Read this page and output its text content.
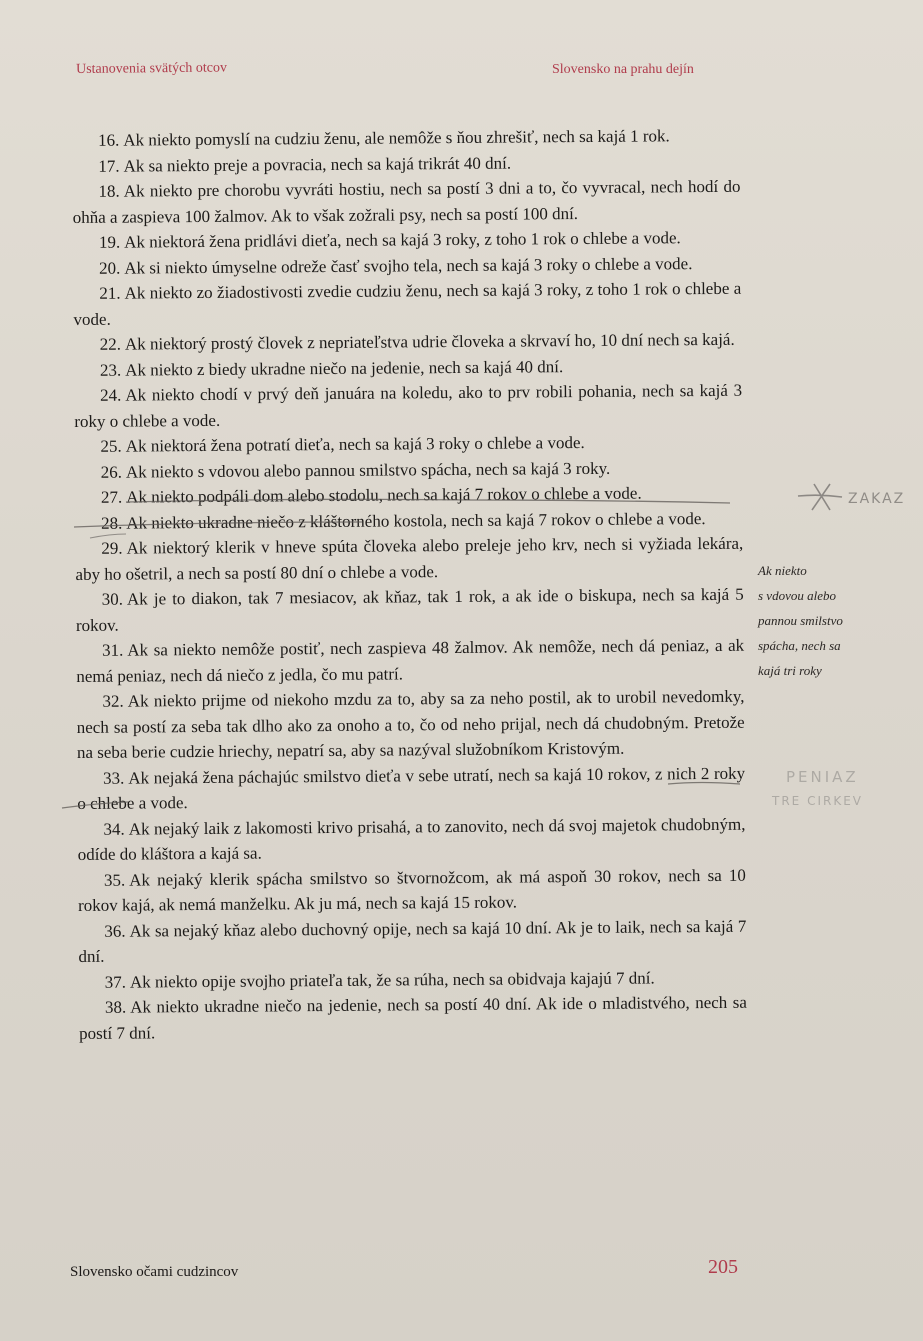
Ustanovenia svätých otcov	Slovensko na prahu dejín

16. Ak niekto pomyslí na cudziu ženu, ale nemôže s ňou zhrešiť, nech sa kajá 1 rok.

17. Ak sa niekto preje a povracia, nech sa kajá trikrát 40 dní.

18. Ak niekto pre chorobu vyvráti hostiu, nech sa postí 3 dni a to, čo vyvracal, nech hodí do ohňa a zaspieva 100 žalmov. Ak to však zožrali psy, nech sa postí 100 dní.

19. Ak niektorá žena pridlávi dieťa, nech sa kajá 3 roky, z toho 1 rok o chlebe a vode.

20. Ak si niekto úmyselne odreže časť svojho tela, nech sa kajá 3 roky o chlebe a vode.

21. Ak niekto zo žiadostivosti zvedie cudziu ženu, nech sa kajá 3 roky, z toho 1 rok o chlebe a vode.

22. Ak niektorý prostý človek z nepriateľstva udrie človeka a skrvaví ho, 10 dní nech sa kajá.

23. Ak niekto z biedy ukradne niečo na jedenie, nech sa kajá 40 dní.

24. Ak niekto chodí v prvý deň januára na koledu, ako to prv robili pohania, nech sa kajá 3 roky o chlebe a vode.

25. Ak niektorá žena potratí dieťa, nech sa kajá 3 roky o chlebe a vode.

26. Ak niekto s vdovou alebo pannou smilstvo spácha, nech sa kajá 3 roky.

27. Ak niekto podpáli dom alebo stodolu, nech sa kajá 7 rokov o chlebe a vode.

28. Ak niekto ukradne niečo z kláštorného kostola, nech sa kajá 7 rokov o chlebe a vode.

29. Ak niektorý klerik v hneve spúta človeka alebo preleje jeho krv, nech si vyžiada lekára, aby ho ošetril, a nech sa postí 80 dní o chlebe a vode.

30. Ak je to diakon, tak 7 mesiacov, ak kňaz, tak 1 rok, a ak ide o biskupa, nech sa kajá 5 rokov.

31. Ak sa niekto nemôže postiť, nech zaspieva 48 žalmov. Ak nemôže, nech dá peniaz, a ak nemá peniaz, nech dá niečo z jedla, čo mu patrí.

32. Ak niekto prijme od niekoho mzdu za to, aby sa za neho postil, ak to urobil nevedomky, nech sa postí za seba tak dlho ako za onoho a to, čo od neho prijal, nech dá chudobným. Pretože na seba berie cudzie hriechy, nepatrí sa, aby sa nazýval služobníkom Kristovým.

33. Ak nejaká žena páchajúc smilstvo dieťa v sebe utratí, nech sa kajá 10 rokov, z nich 2 roky o chlebe a vode.

34. Ak nejaký laik z lakomosti krivo prisahá, a to zanovito, nech dá svoj majetok chudobným, odíde do kláštora a kajá sa.

35. Ak nejaký klerik spácha smilstvo so štvornožcom, ak má aspoň 30 rokov, nech sa 10 rokov kajá, ak nemá manželku. Ak ju má, nech sa kajá 15 rokov.

36. Ak sa nejaký kňaz alebo duchovný opije, nech sa kajá 10 dní. Ak je to laik, nech sa kajá 7 dní.

37. Ak niekto opije svojho priateľa tak, že sa rúha, nech sa obidvaja kajajú 7 dní.

38. Ak niekto ukradne niečo na jedenie, nech sa postí 40 dní. Ak ide o mladistvého, nech sa postí 7 dní.

Ak niekto
s vdovou alebo
pannou smilstvo
spácha, nech sa
kajá tri roky
ZAKAZ
PENIAZ
TRE CIRKEV
Slovensko očami cudzincov	205
